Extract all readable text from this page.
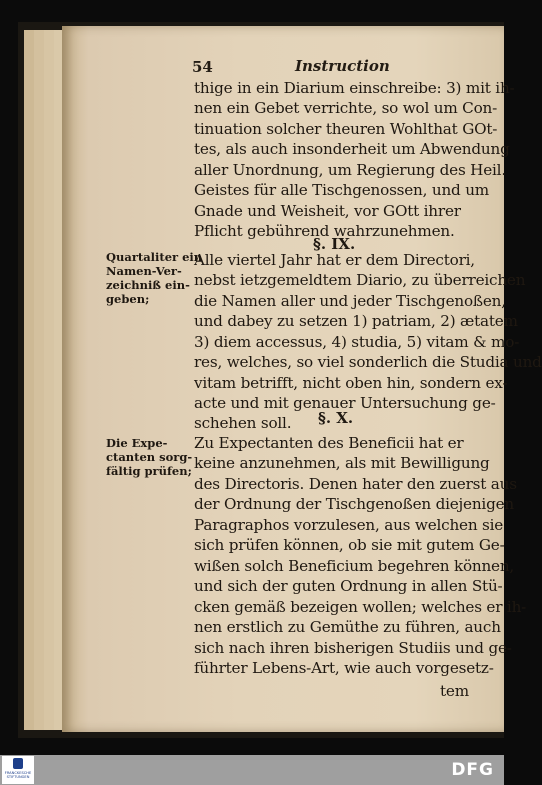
54	Instruction
thige in ein Diarium einschreibe: 3) mit ih-
nen ein Gebet verrichte, so wol um Con-
tinuation solcher theuren Wohlthat GOt-
tes, als auch insonderheit um Abwendung
aller Unordnung, um Regierung des Heil.
Geistes für alle Tischgenossen, und um
Gnade und Weisheit, vor GOtt ihrer
Pflicht gebührend wahrzunehmen.
§. IX.
Quartaliter ein
Namen-Ver-
zeichniß ein-
geben;
Alle viertel Jahr hat er dem Directori,
nebst ietzgemeldtem Diario, zu überreichen
die Namen aller und jeder Tischgenoßen,
und dabey zu setzen 1) patriam, 2) ætatem
3) diem accessus, 4) studia, 5) vitam & mo-
res, welches, so viel sonderlich die Studia und
vitam betrifft, nicht oben hin, sondern ex-
acte und mit genauer Untersuchung ge-
schehen soll. §. X.
Die Expe-
ctanten sorg-
fältig prüfen;
Zu Expectanten des Beneficii hat er
keine anzunehmen, als mit Bewilligung
des Directoris. Denen hater den zuerst aus
der Ordnung der Tischgenoßen diejenigen
Paragraphos vorzulesen, aus welchen sie
sich prüfen können, ob sie mit gutem Ge-
wißen solch Beneficium begehren können,
und sich der guten Ordnung in allen Stü-
cken gemäß bezeigen wollen; welches er ih-
nen erstlich zu Gemüthe zu führen, auch
sich nach ihren bisherigen Studiis und ge-
führter Lebens-Art, wie auch vorgesetz-
tem
FRANCKESCHE
STIFTUNGEN	DFG
